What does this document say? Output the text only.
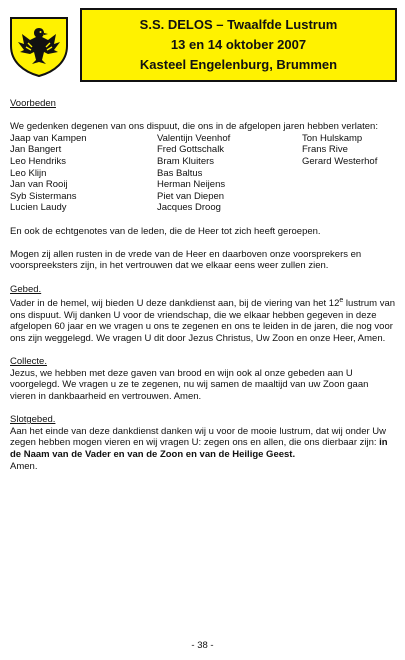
S.S. DELOS – Twaalfde Lustrum
13 en 14 oktober 2007
Kasteel Engelenburg, Brummen

Voorbeden

We gedenken degenen van ons dispuut, die ons in de afgelopen jaren hebben verlaten:

Jaap van Kampen	Valentijn Veenhof	Ton Hulskamp
Jan Bangert	Fred Gottschalk	Frans Rive
Leo Hendriks	Bram Kluiters	Gerard Westerhof
Leo Klijn	Bas Baltus
Jan van Rooij	Herman Neijens
Syb Sistermans	Piet van Diepen
Lucien Laudy	Jacques Droog

En ook de echtgenotes van de leden, die de Heer tot zich heeft geroepen.

Mogen zij allen rusten in de vrede van de Heer en daarboven onze voorsprekers en voorspreeksters zijn, in het vertrouwen dat we elkaar eens weer zullen zien.

Gebed.

Vader in de hemel, wij bieden U deze dankdienst aan, bij de viering van het 12e lustrum van ons dispuut. Wij danken U voor de vriendschap, die we elkaar hebben gegeven in deze afgelopen 60 jaar en we vragen u ons te zegenen en ons te leiden in de jaren, die nog voor ons zijn weggelegd. We vragen U dit door Jezus Christus, Uw Zoon en onze Heer, Amen.

Collecte.

Jezus, we hebben met deze gaven van brood en wijn ook al onze gebeden aan U voorgelegd. We vragen u ze te zegenen, nu wij samen de maaltijd van uw Zoon gaan vieren in dankbaarheid en vertrouwen. Amen.

Slotgebed.

Aan het einde van deze dankdienst danken wij u voor de mooie lustrum, dat wij onder Uw zegen hebben mogen vieren en wij vragen U: zegen ons en allen, die ons dierbaar zijn: in de Naam van de Vader en van de Zoon en van de Heilige Geest.
Amen.

- 38 -
